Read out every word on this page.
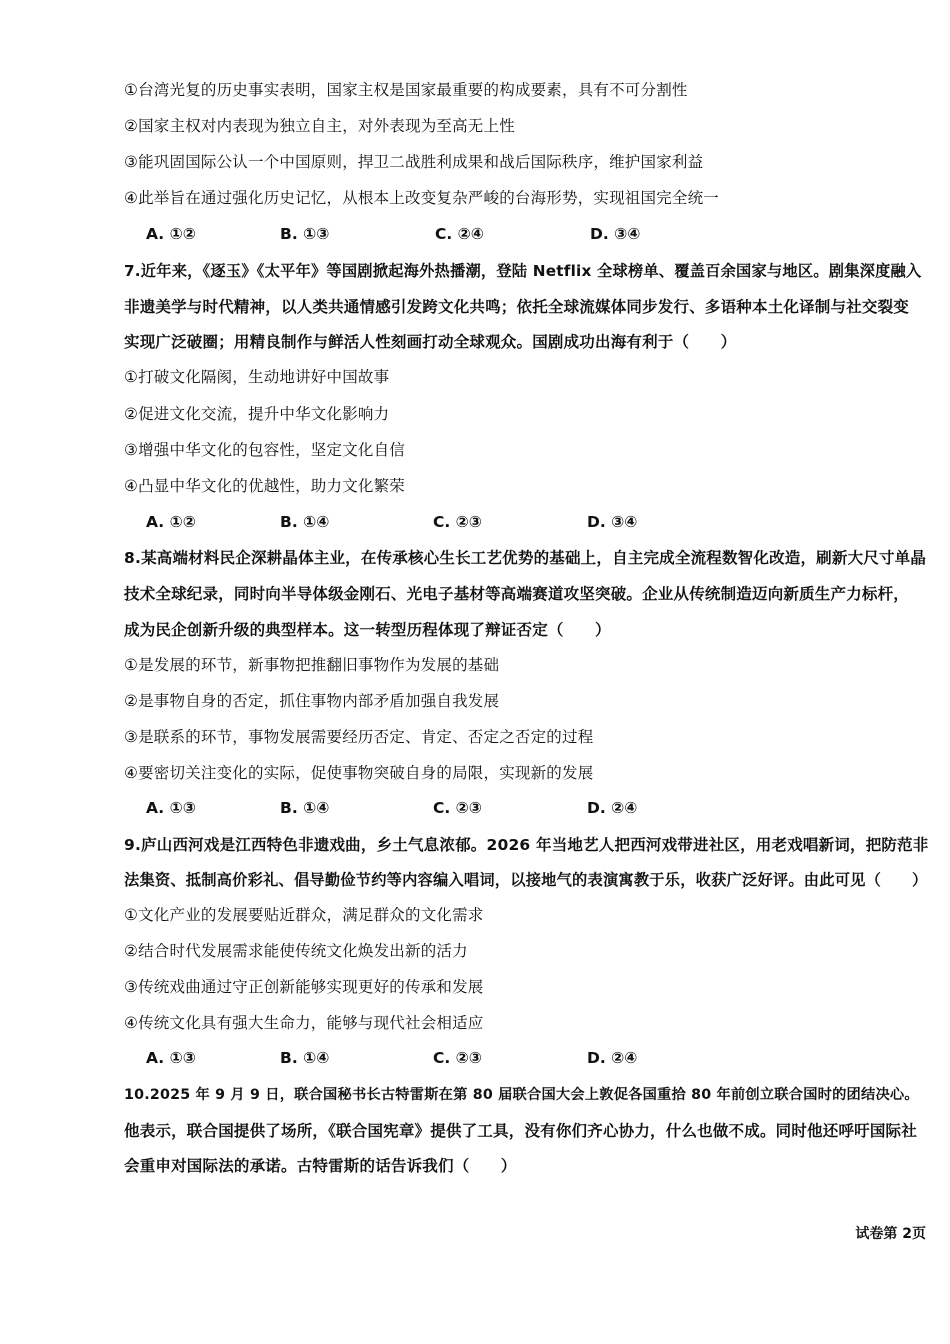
①台湾光复的历史事实表明，国家主权是国家最重要的构成要素，具有不可分割性
②国家主权对内表现为独立自主，对外表现为至高无上性
③能巩固国际公认一个中国原则，捍卫二战胜利成果和战后国际秩序，维护国家利益
④此举旨在通过强化历史记忆，从根本上改变复杂严峻的台海形势，实现祖国完全统一
A. ①②	B. ①③	C. ②④	D. ③④
7.近年来，《逐玉》《太平年》等国剧掀起海外热播潮，登陆 Netflix 全球榜单、覆盖百余国家与地区。剧集深度融入
非遗美学与时代精神，以人类共通情感引发跨文化共鸣；依托全球流媒体同步发行、多语种本土化译制与社交裂变
实现广泛破圈；用精良制作与鲜活人性刻画打动全球观众。国剧成功出海有利于（　　）
①打破文化隔阂，生动地讲好中国故事
②促进文化交流，提升中华文化影响力
③增强中华文化的包容性，坚定文化自信
④凸显中华文化的优越性，助力文化繁荣
A. ①②	B. ①④	C. ②③	D. ③④
8.某高端材料民企深耕晶体主业，在传承核心生长工艺优势的基础上，自主完成全流程数智化改造，刷新大尺寸单晶
技术全球纪录，同时向半导体级金刚石、光电子基材等高端赛道攻坚突破。企业从传统制造迈向新质生产力标杆，
成为民企创新升级的典型样本。这一转型历程体现了辩证否定（　　）
①是发展的环节，新事物把推翻旧事物作为发展的基础
②是事物自身的否定，抓住事物内部矛盾加强自我发展
③是联系的环节，事物发展需要经历否定、肯定、否定之否定的过程
④要密切关注变化的实际，促使事物突破自身的局限，实现新的发展
A. ①③	B. ①④	C. ②③	D. ②④
9.庐山西河戏是江西特色非遗戏曲，乡土气息浓郁。2026 年当地艺人把西河戏带进社区，用老戏唱新词，把防范非
法集资、抵制高价彩礼、倡导勤俭节约等内容编入唱词，以接地气的表演寓教于乐，收获广泛好评。由此可见（　　）
①文化产业的发展要贴近群众，满足群众的文化需求
②结合时代发展需求能使传统文化焕发出新的活力
③传统戏曲通过守正创新能够实现更好的传承和发展
④传统文化具有强大生命力，能够与现代社会相适应
A. ①③	B. ①④	C. ②③	D. ②④
10.2025 年 9 月 9 日，联合国秘书长古特雷斯在第 80 届联合国大会上敦促各国重拾 80 年前创立联合国时的团结决心。
他表示，联合国提供了场所，《联合国宪章》提供了工具，没有你们齐心协力，什么也做不成。同时他还呼吁国际社
会重申对国际法的承诺。古特雷斯的话告诉我们（　　）
试卷第 2页
